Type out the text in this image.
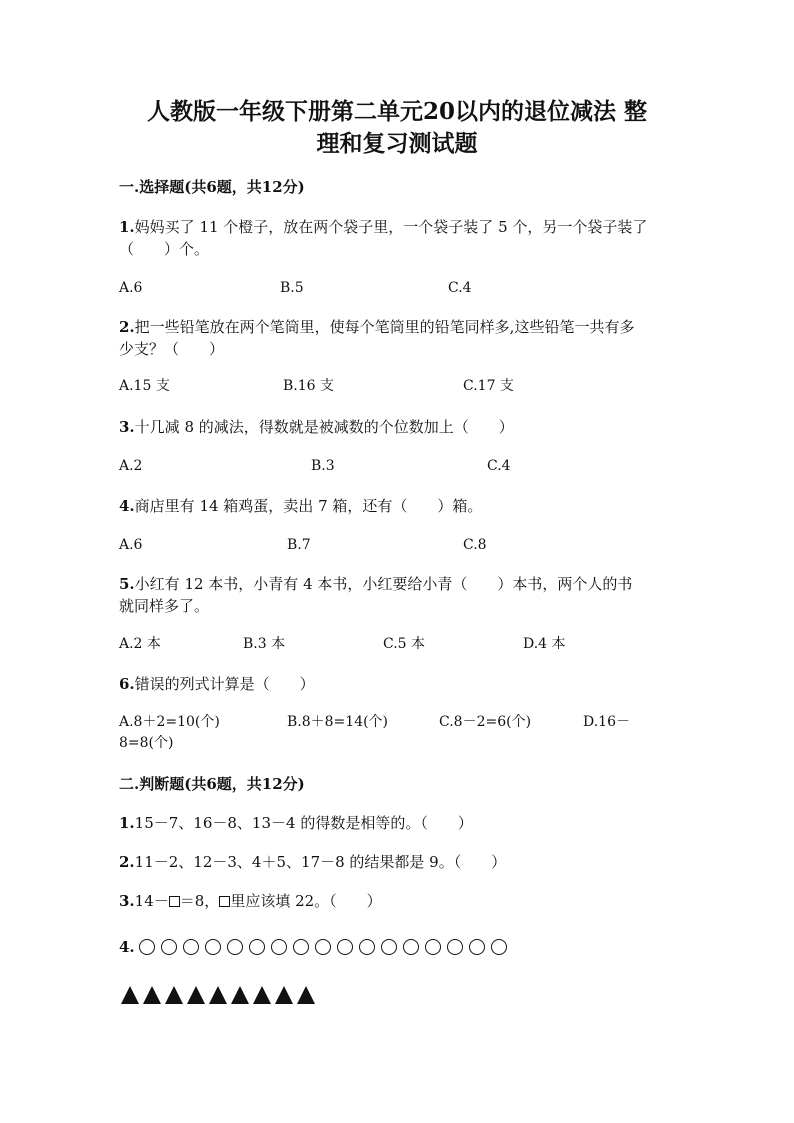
人教版一年级下册第二单元20以内的退位减法 整
理和复习测试题
一.选择题(共6题，共12分)
1.妈妈买了 11 个橙子，放在两个袋子里，一个袋子装了 5 个，另一个袋子装了
（　　）个。
A.6	B.5	C.4
2.把一些铅笔放在两个笔筒里，使每个笔筒里的铅笔同样多,这些铅笔一共有多
少支？（　　）
A.15 支	B.16 支	C.17 支
3.十几减 8 的减法，得数就是被减数的个位数加上（　　）
A.2	B.3	C.4
4.商店里有 14 箱鸡蛋，卖出 7 箱，还有（　　）箱。
A.6	B.7	C.8
5.小红有 12 本书，小青有 4 本书，小红要给小青（　　）本书，两个人的书
就同样多了。
A.2 本	B.3 本	C.5 本	D.4 本
6.错误的列式计算是（　　）
A.8＋2=10(个)	B.8＋8=14(个)	C.8－2=6(个)	D.16－
8=8(个)
二.判断题(共6题，共12分)
1.15－7、16－8、13－4 的得数是相等的。（　　）
2.11－2、12－3、4＋5、17－8 的结果都是 9。（　　）
3.14－ ＝8， 里应该填 22。（　　）
4.
